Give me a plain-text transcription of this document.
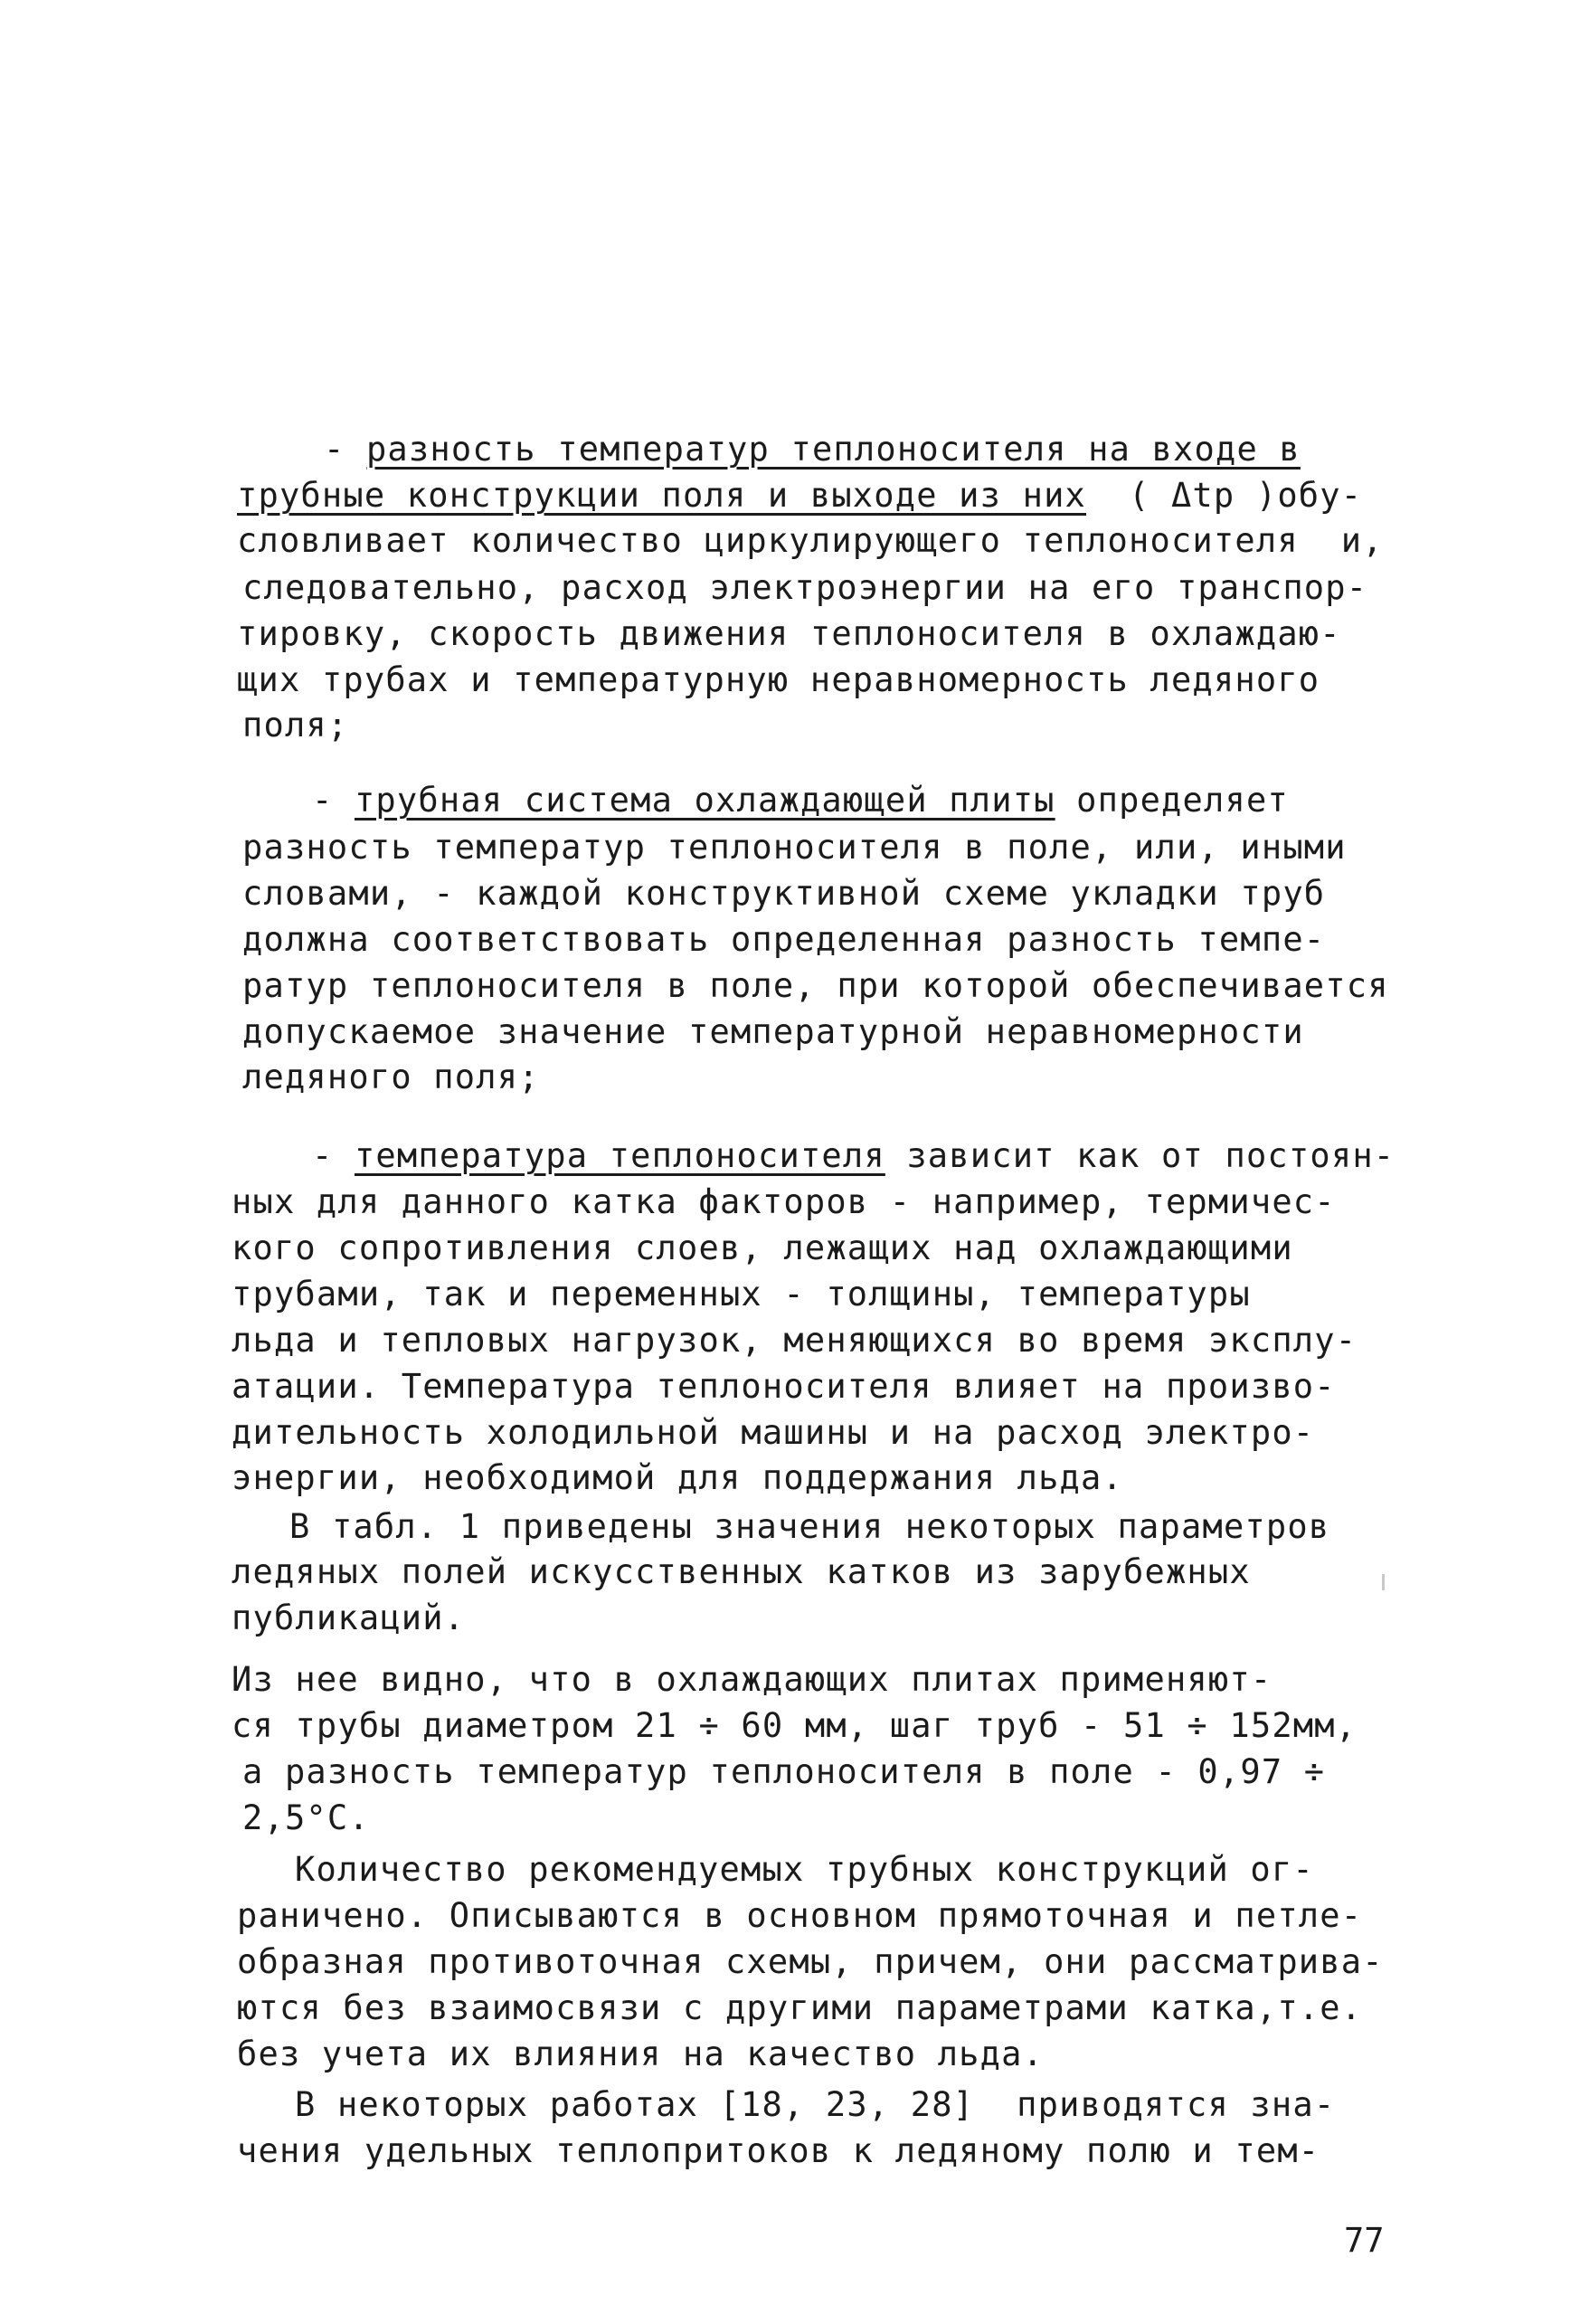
- разность температур теплоносителя на входе в
трубные конструкции поля и выходе из них  ( Δtр )обу-
словливает количество циркулирующего теплоносителя  и,
следовательно, расход электроэнергии на его транспор-
тировку, скорость движения теплоносителя в охлаждаю-
щих трубах и температурную неравномерность ледяного
поля;
- трубная система охлаждающей плиты определяет
разность температур теплоносителя в поле, или, иными
словами, - каждой конструктивной схеме укладки труб
должна соответствовать определенная разность темпе-
ратур теплоносителя в поле, при которой обеспечивается
допускаемое значение температурной неравномерности
ледяного поля;
- температура теплоносителя зависит как от постоян-
ных для данного катка факторов - например, термичес-
кого сопротивления слоев, лежащих над охлаждающими
трубами, так и переменных - толщины, температуры
льда и тепловых нагрузок, меняющихся во время эксплу-
атации. Температура теплоносителя влияет на произво-
дительность холодильной машины и на расход электро-
энергии, необходимой для поддержания льда.
В табл. 1 приведены значения некоторых параметров
ледяных полей искусственных катков из зарубежных
публикаций.
Из нее видно, что в охлаждающих плитах применяют-
ся трубы диаметром 21 ÷ 60 мм, шаг труб - 51 ÷ 152мм,
а разность температур теплоносителя в поле - 0,97 ÷
2,5°С.
Количество рекомендуемых трубных конструкций ог-
раничено. Описываются в основном прямоточная и петле-
образная противоточная схемы, причем, они рассматрива-
ются без взаимосвязи с другими параметрами катка,т.е.
без учета их влияния на качество льда.
В некоторых работах [18, 23, 28]  приводятся зна-
чения удельных теплопритоков к ледяному полю и тем-
77
